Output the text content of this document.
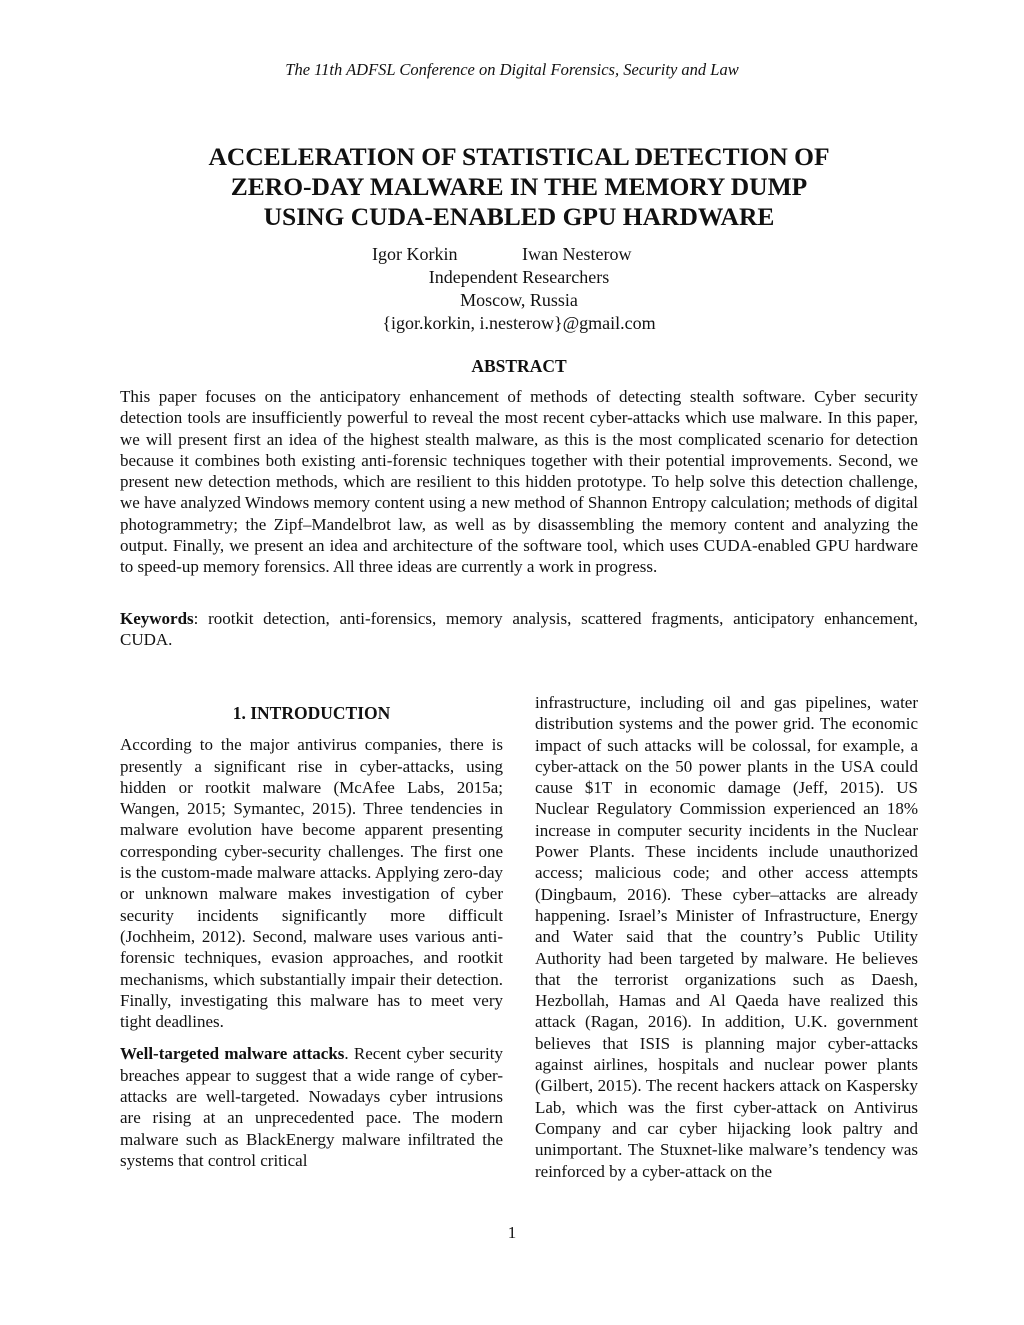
The 11th ADFSL Conference on Digital Forensics, Security and Law
ACCELERATION OF STATISTICAL DETECTION OF
ZERO-DAY MALWARE IN THE MEMORY DUMP
USING CUDA-ENABLED GPU HARDWARE
Igor Korkin	Iwan Nesterow
Independent Researchers
Moscow, Russia
{igor.korkin, i.nesterow}@gmail.com
ABSTRACT

This paper focuses on the anticipatory enhancement of methods of detecting stealth software. Cyber security detection tools are insufficiently powerful to reveal the most recent cyber-attacks which use malware. In this paper, we will present first an idea of the highest stealth malware, as this is the most complicated scenario for detection because it combines both existing anti-forensic techniques together with their potential improvements. Second, we present new detection methods, which are resilient to this hidden prototype. To help solve this detection challenge, we have analyzed Windows memory content using a new method of Shannon Entropy calculation; methods of digital photogrammetry; the Zipf–Mandelbrot law, as well as by disassembling the memory content and analyzing the output. Finally, we present an idea and architecture of the software tool, which uses CUDA-enabled GPU hardware to speed-up memory forensics. All three ideas are currently a work in progress.

Keywords: rootkit detection, anti-forensics, memory analysis, scattered fragments, anticipatory enhancement, CUDA.

1. INTRODUCTION

According to the major antivirus companies, there is presently a significant rise in cyber-attacks, using hidden or rootkit malware (McAfee Labs, 2015a; Wangen, 2015; Symantec, 2015). Three tendencies in malware evolution have become apparent presenting corresponding cyber-security challenges. The first one is the custom-made malware attacks. Applying zero-day or unknown malware makes investigation of cyber security incidents significantly more difficult (Jochheim, 2012). Second, malware uses various anti-forensic techniques, evasion approaches, and rootkit mechanisms, which substantially impair their detection. Finally, investigating this malware has to meet very tight deadlines.

Well-targeted malware attacks. Recent cyber security breaches appear to suggest that a wide range of cyber-attacks are well-targeted. Nowadays cyber intrusions are rising at an unprecedented pace. The modern malware such as BlackEnergy malware infiltrated the systems that control critical

infrastructure, including oil and gas pipelines, water distribution systems and the power grid. The economic impact of such attacks will be colossal, for example, a cyber-attack on the 50 power plants in the USA could cause $1T in economic damage (Jeff, 2015). US Nuclear Regulatory Commission experienced an 18% increase in computer security incidents in the Nuclear Power Plants. These incidents include unauthorized access; malicious code; and other access attempts (Dingbaum, 2016). These cyber–attacks are already happening. Israel’s Minister of Infrastructure, Energy and Water said that the country’s Public Utility Authority had been targeted by malware. He believes that the terrorist organizations such as Daesh, Hezbollah, Hamas and Al Qaeda have realized this attack (Ragan, 2016). In addition, U.K. government believes that ISIS is planning major cyber-attacks against airlines, hospitals and nuclear power plants (Gilbert, 2015). The recent hackers attack on Kaspersky Lab, which was the first cyber-attack on Antivirus Company and car cyber hijacking look paltry and unimportant. The Stuxnet-like malware’s tendency was reinforced by a cyber-attack on the

1
